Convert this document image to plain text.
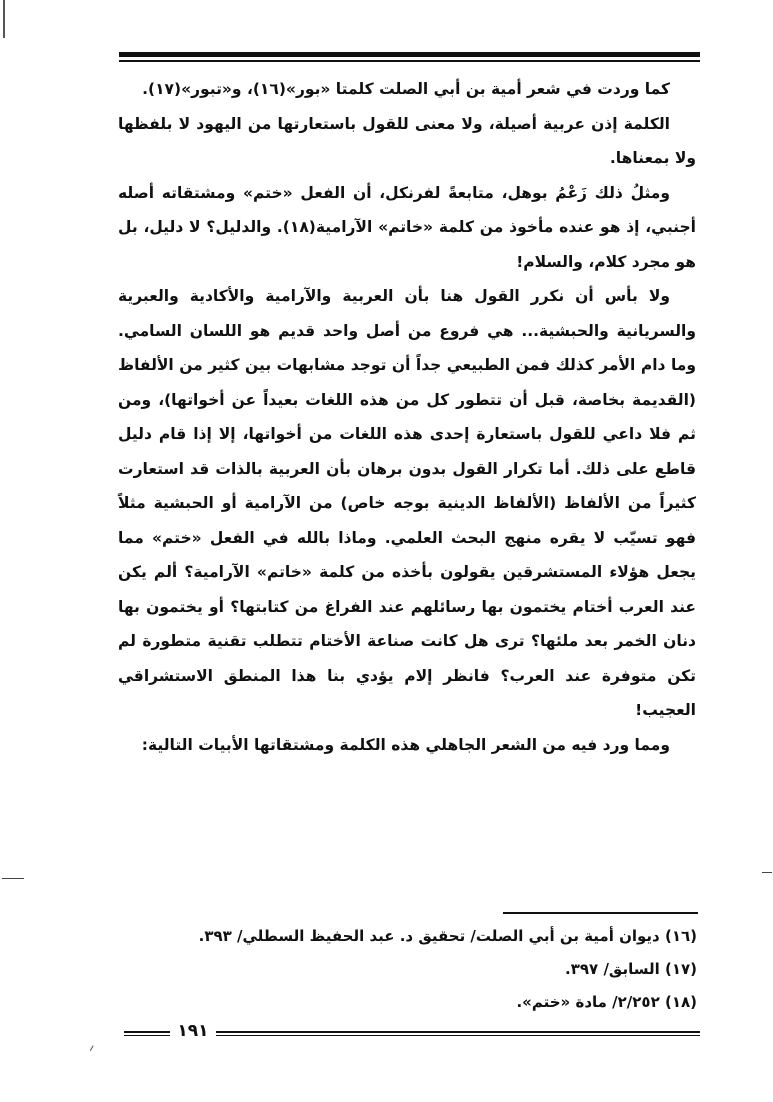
كما وردت في شعر أمية بن أبي الصلت كلمتا «بور»(١٦)، و«تبور»(١٧).

الكلمة إذن عربية أصيلة، ولا معنى للقول باستعارتها من اليهود لا بلفظها ولا بمعناها.

ومثلُ ذلك زَعْمُ بوهل، متابعةً لفرنكل، أن الفعل «ختم» ومشتقاته أصله أجنبي، إذ هو عنده مأخوذ من كلمة «خاتم» الآرامية(١٨). والدليل؟ لا دليل، بل هو مجرد كلام، والسلام!

ولا بأس أن نكرر القول هنا بأن العربية والآرامية والأكادية والعبرية والسريانية والحبشية... هي فروع من أصل واحد قديم هو اللسان السامي. وما دام الأمر كذلك فمن الطبيعي جداً أن توجد مشابهات بين كثير من الألفاظ (القديمة بخاصة، قبل أن تتطور كل من هذه اللغات بعيداً عن أخواتها)، ومن ثم فلا داعي للقول باستعارة إحدى هذه اللغات من أخواتها، إلا إذا قام دليل قاطع على ذلك. أما تكرار القول بدون برهان بأن العربية بالذات قد استعارت كثيراً من الألفاظ (الألفاظ الدينية بوجه خاص) من الآرامية أو الحبشية مثلاً فهو تسيّب لا يقره منهج البحث العلمي. وماذا بالله في الفعل «ختم» مما يجعل هؤلاء المستشرقين يقولون بأخذه من كلمة «خاتم» الآرامية؟ ألم يكن عند العرب أختام يختمون بها رسائلهم عند الفراغ من كتابتها؟ أو يختمون بها دنان الخمر بعد ملئها؟ ترى هل كانت صناعة الأختام تتطلب تقنية متطورة لم تكن متوفرة عند العرب؟ فانظر إلام يؤدي بنا هذا المنطق الاستشراقي العجيب!

ومما ورد فيه من الشعر الجاهلي هذه الكلمة ومشتقاتها الأبيات التالية:

(١٦) ديوان أمية بن أبي الصلت/ تحقيق د. عبد الحفيظ السطلي/ ٣٩٣.

(١٧) السابق/ ٣٩٧.

(١٨) ٢/٢٥٢/ مادة «ختم».

١٩١
